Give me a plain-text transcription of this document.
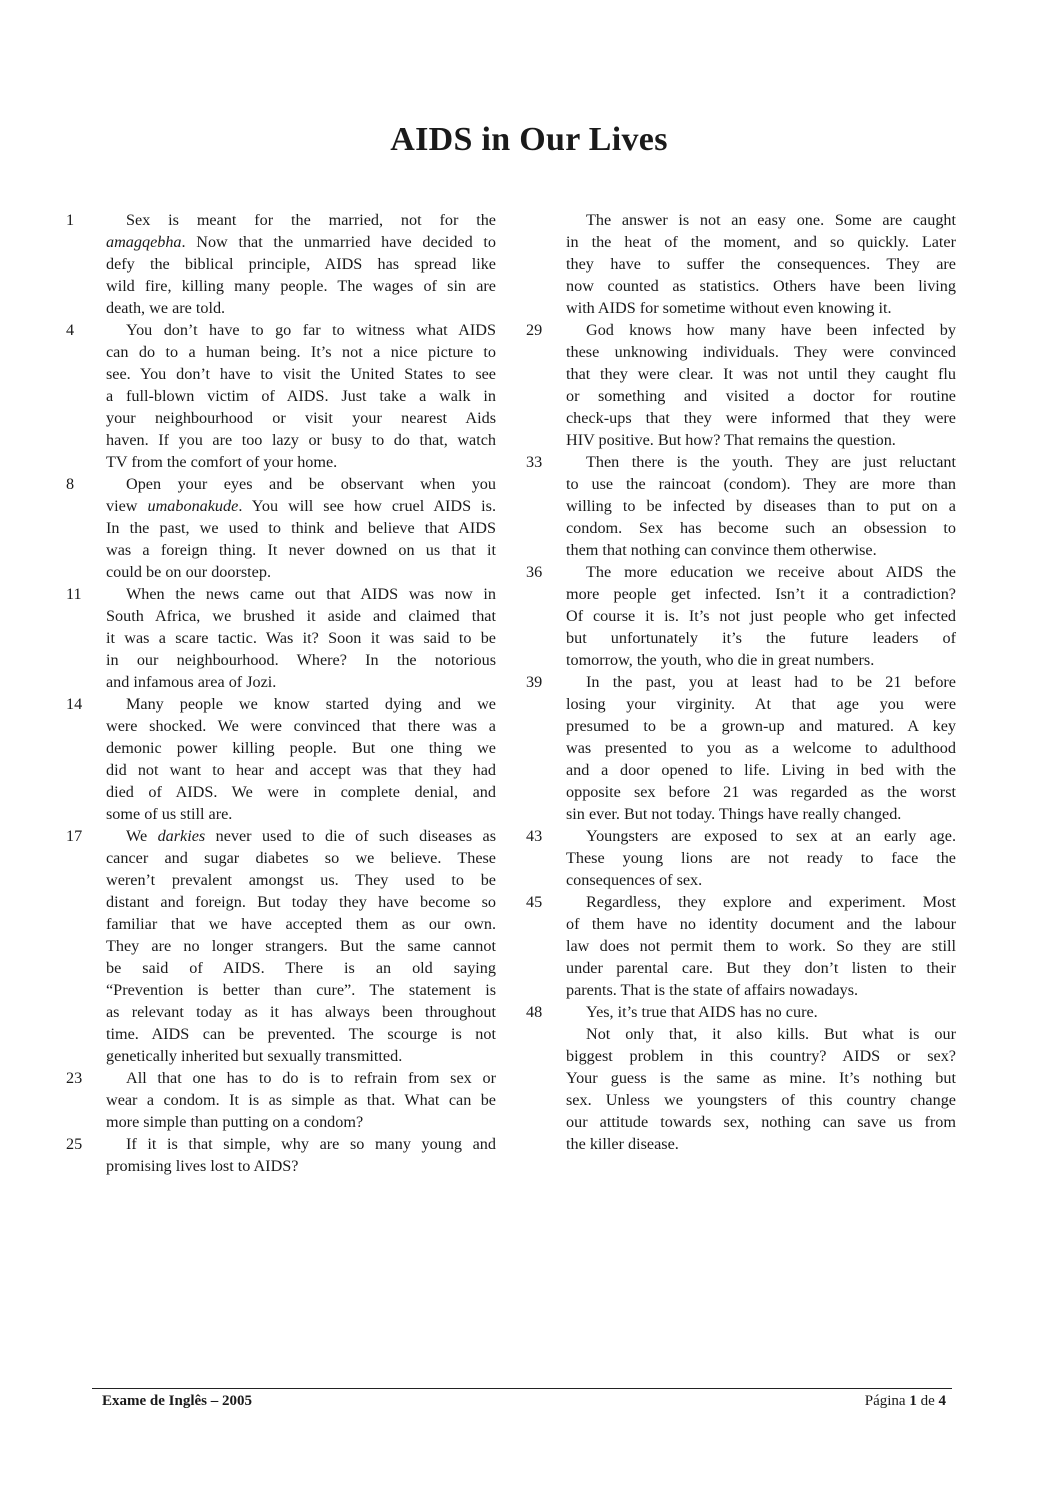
AIDS in Our Lives
1	Sex is meant for the married, not for the
amagqebha. Now that the unmarried have decided to
defy the biblical principle, AIDS has spread like
wild fire, killing many people. The wages of sin are
death, we are told.
4	You don’t have to go far to witness what AIDS
can do to a human being. It’s not a nice picture to
see. You don’t have to visit the United States to see
a full-blown victim of AIDS. Just take a walk in
your neighbourhood or visit your nearest Aids
haven. If you are too lazy or busy to do that, watch
TV from the comfort of your home.
8	Open your eyes and be observant when you
view umabonakude. You will see how cruel AIDS is.
In the past, we used to think and believe that AIDS
was a foreign thing. It never downed on us that it
could be on our doorstep.
11	When the news came out that AIDS was now in
South Africa, we brushed it aside and claimed that
it was a scare tactic. Was it? Soon it was said to be
in our neighbourhood. Where? In the notorious
and infamous area of Jozi.
14	Many people we know started dying and we
were shocked. We were convinced that there was a
demonic power killing people. But one thing we
did not want to hear and accept was that they had
died of AIDS. We were in complete denial, and
some of us still are.
17	We darkies never used to die of such diseases as
cancer and sugar diabetes so we believe. These
weren’t prevalent amongst us. They used to be
distant and foreign. But today they have become so
familiar that we have accepted them as our own.
They are no longer strangers. But the same cannot
be said of AIDS. There is an old saying
“Prevention is better than cure”. The statement is
as relevant today as it has always been throughout
time. AIDS can be prevented. The scourge is not
genetically inherited but sexually transmitted.
23	All that one has to do is to refrain from sex or
wear a condom. It is as simple as that. What can be
more simple than putting on a condom?
25	If it is that simple, why are so many young and
promising lives lost to AIDS?
The answer is not an easy one. Some are caught
in the heat of the moment, and so quickly. Later
they have to suffer the consequences. They are
now counted as statistics. Others have been living
with AIDS for sometime without even knowing it.
29	God knows how many have been infected by
these unknowing individuals. They were convinced
that they were clear. It was not until they caught flu
or something and visited a doctor for routine
check-ups that they were informed that they were
HIV positive. But how? That remains the question.
33	Then there is the youth. They are just reluctant
to use the raincoat (condom). They are more than
willing to be infected by diseases than to put on a
condom. Sex has become such an obsession to
them that nothing can convince them otherwise.
36	The more education we receive about AIDS the
more people get infected. Isn’t it a contradiction?
Of course it is. It’s not just people who get infected
but unfortunately it’s the future leaders of
tomorrow, the youth, who die in great numbers.
39	In the past, you at least had to be 21 before
losing your virginity. At that age you were
presumed to be a grown-up and matured. A key
was presented to you as a welcome to adulthood
and a door opened to life. Living in bed with the
opposite sex before 21 was regarded as the worst
sin ever. But not today. Things have really changed.
43	Youngsters are exposed to sex at an early age.
These young lions are not ready to face the
consequences of sex.
45	Regardless, they explore and experiment. Most
of them have no identity document and the labour
law does not permit them to work. So they are still
under parental care. But they don’t listen to their
parents. That is the state of affairs nowadays.
48	Yes, it’s true that AIDS has no cure.
Not only that, it also kills. But what is our
biggest problem in this country? AIDS or sex?
Your guess is the same as mine. It’s nothing but
sex. Unless we youngsters of this country change
our attitude towards sex, nothing can save us from
the killer disease.
Exame de Inglês – 2005	Página 1 de 4
